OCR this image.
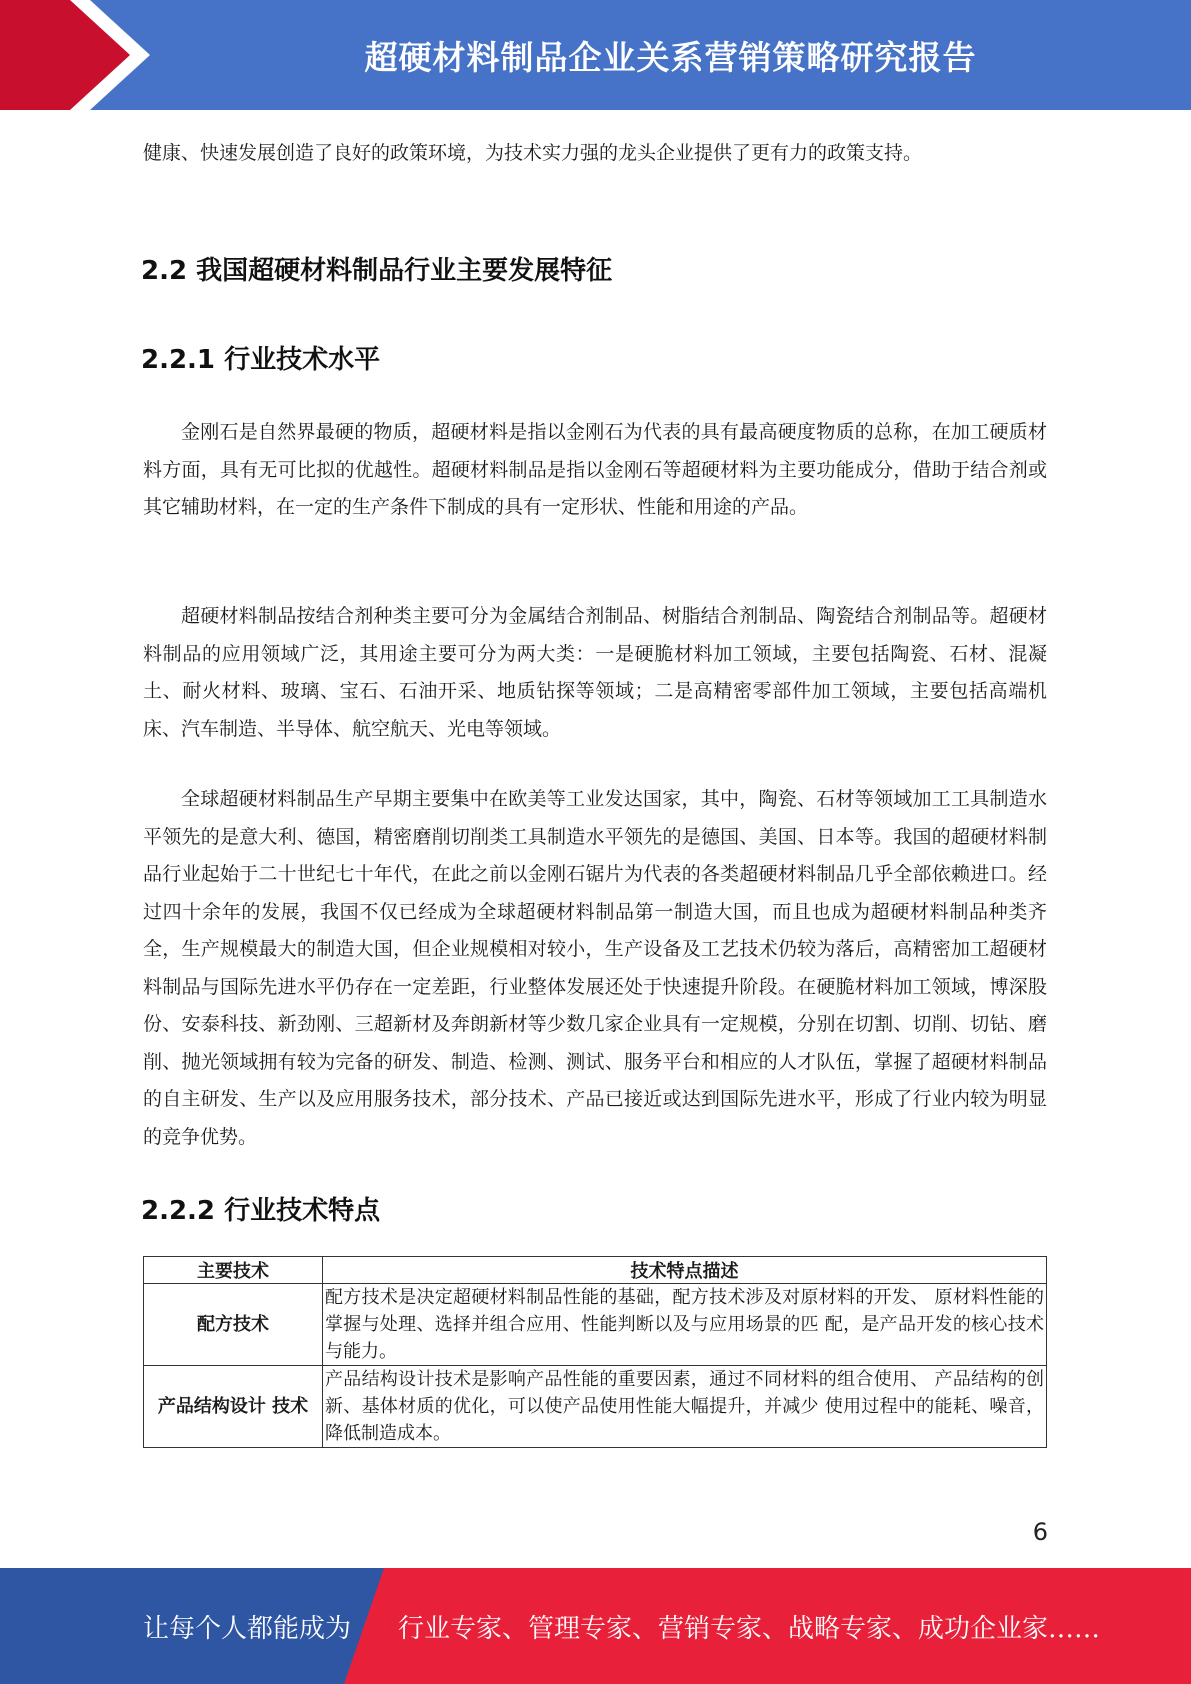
超硬材料制品企业关系营销策略研究报告
健康、快速发展创造了良好的政策环境，为技术实力强的龙头企业提供了更有力的政策支持。
2.2 我国超硬材料制品行业主要发展特征
2.2.1 行业技术水平
金刚石是自然界最硬的物质，超硬材料是指以金刚石为代表的具有最高硬度物质的总称，在加工硬质材料方面，具有无可比拟的优越性。超硬材料制品是指以金刚石等超硬材料为主要功能成分，借助于结合剂或其它辅助材料，在一定的生产条件下制成的具有一定形状、性能和用途的产品。
超硬材料制品按结合剂种类主要可分为金属结合剂制品、树脂结合剂制品、陶瓷结合剂制品等。超硬材料制品的应用领域广泛，其用途主要可分为两大类：一是硬脆材料加工领域，主要包括陶瓷、石材、混凝土、耐火材料、玻璃、宝石、石油开采、地质钻探等领域；二是高精密零部件加工领域，主要包括高端机床、汽车制造、半导体、航空航天、光电等领域。
全球超硬材料制品生产早期主要集中在欧美等工业发达国家，其中，陶瓷、石材等领域加工工具制造水平领先的是意大利、德国，精密磨削切削类工具制造水平领先的是德国、美国、日本等。我国的超硬材料制品行业起始于二十世纪七十年代，在此之前以金刚石锯片为代表的各类超硬材料制品几乎全部依赖进口。经过四十余年的发展，我国不仅已经成为全球超硬材料制品第一制造大国，而且也成为超硬材料制品种类齐全，生产规模最大的制造大国，但企业规模相对较小，生产设备及工艺技术仍较为落后，高精密加工超硬材料制品与国际先进水平仍存在一定差距，行业整体发展还处于快速提升阶段。在硬脆材料加工领域，博深股份、安泰科技、新劲刚、三超新材及奔朗新材等少数几家企业具有一定规模，分别在切割、切削、切钻、磨削、抛光领域拥有较为完备的研发、制造、检测、测试、服务平台和相应的人才队伍，掌握了超硬材料制品的自主研发、生产以及应用服务技术，部分技术、产品已接近或达到国际先进水平，形成了行业内较为明显的竞争优势。
2.2.2 行业技术特点
主要技术	技术特点描述
配方技术	配方技术是决定超硬材料制品性能的基础，配方技术涉及对原材料的开发、 原材料性能的掌握与处理、选择并组合应用、性能判断以及与应用场景的匹 配，是产品开发的核心技术与能力。
产品结构设计 技术	产品结构设计技术是影响产品性能的重要因素，通过不同材料的组合使用、 产品结构的创新、基体材质的优化，可以使产品使用性能大幅提升，并减少 使用过程中的能耗、噪音，降低制造成本。
6
让每个人都能成为 行业专家、管理专家、营销专家、战略专家、成功企业家……
